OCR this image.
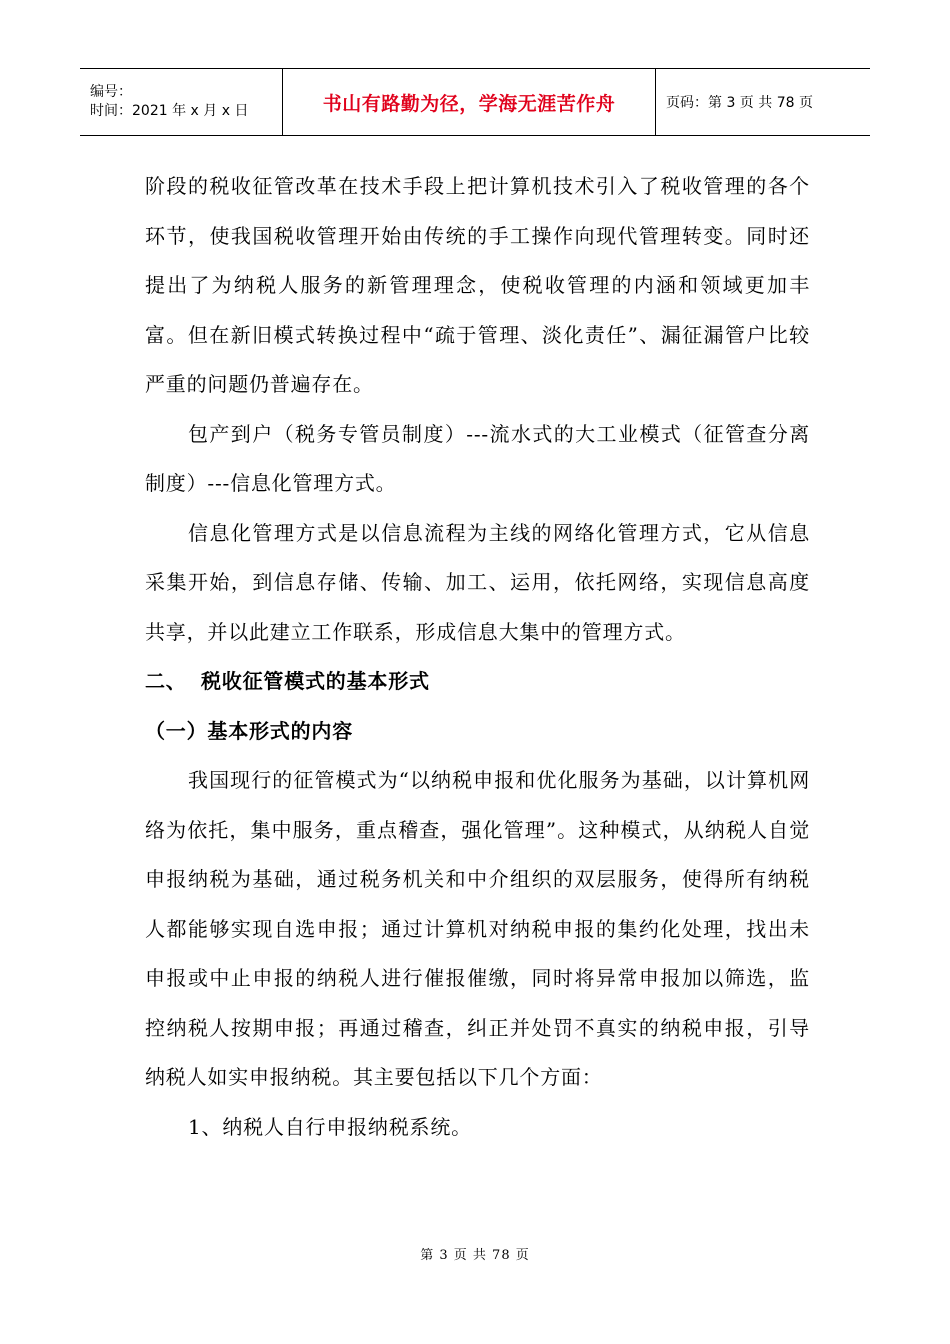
编号：
时间：2021 年 x 月 x 日	书山有路勤为径，学海无涯苦作舟	页码：第 3 页 共 78 页

阶段的税收征管改革在技术手段上把计算机技术引入了税收管理的各个环节，使我国税收管理开始由传统的手工操作向现代管理转变。同时还提出了为纳税人服务的新管理理念，使税收管理的内涵和领域更加丰富。但在新旧模式转换过程中“疏于管理、淡化责任”、漏征漏管户比较严重的问题仍普遍存在。

包产到户（税务专管员制度）---流水式的大工业模式（征管查分离制度）---信息化管理方式。

信息化管理方式是以信息流程为主线的网络化管理方式，它从信息采集开始，到信息存储、传输、加工、运用，依托网络，实现信息高度共享，并以此建立工作联系，形成信息大集中的管理方式。

二、 税收征管模式的基本形式

（一）基本形式的内容

我国现行的征管模式为“以纳税申报和优化服务为基础，以计算机网络为依托，集中服务，重点稽查，强化管理”。这种模式，从纳税人自觉申报纳税为基础，通过税务机关和中介组织的双层服务，使得所有纳税人都能够实现自选申报；通过计算机对纳税申报的集约化处理，找出未申报或中止申报的纳税人进行催报催缴，同时将异常申报加以筛选，监控纳税人按期申报；再通过稽查，纠正并处罚不真实的纳税申报，引导纳税人如实申报纳税。其主要包括以下几个方面：

1、纳税人自行申报纳税系统。

第 3 页 共 78 页
